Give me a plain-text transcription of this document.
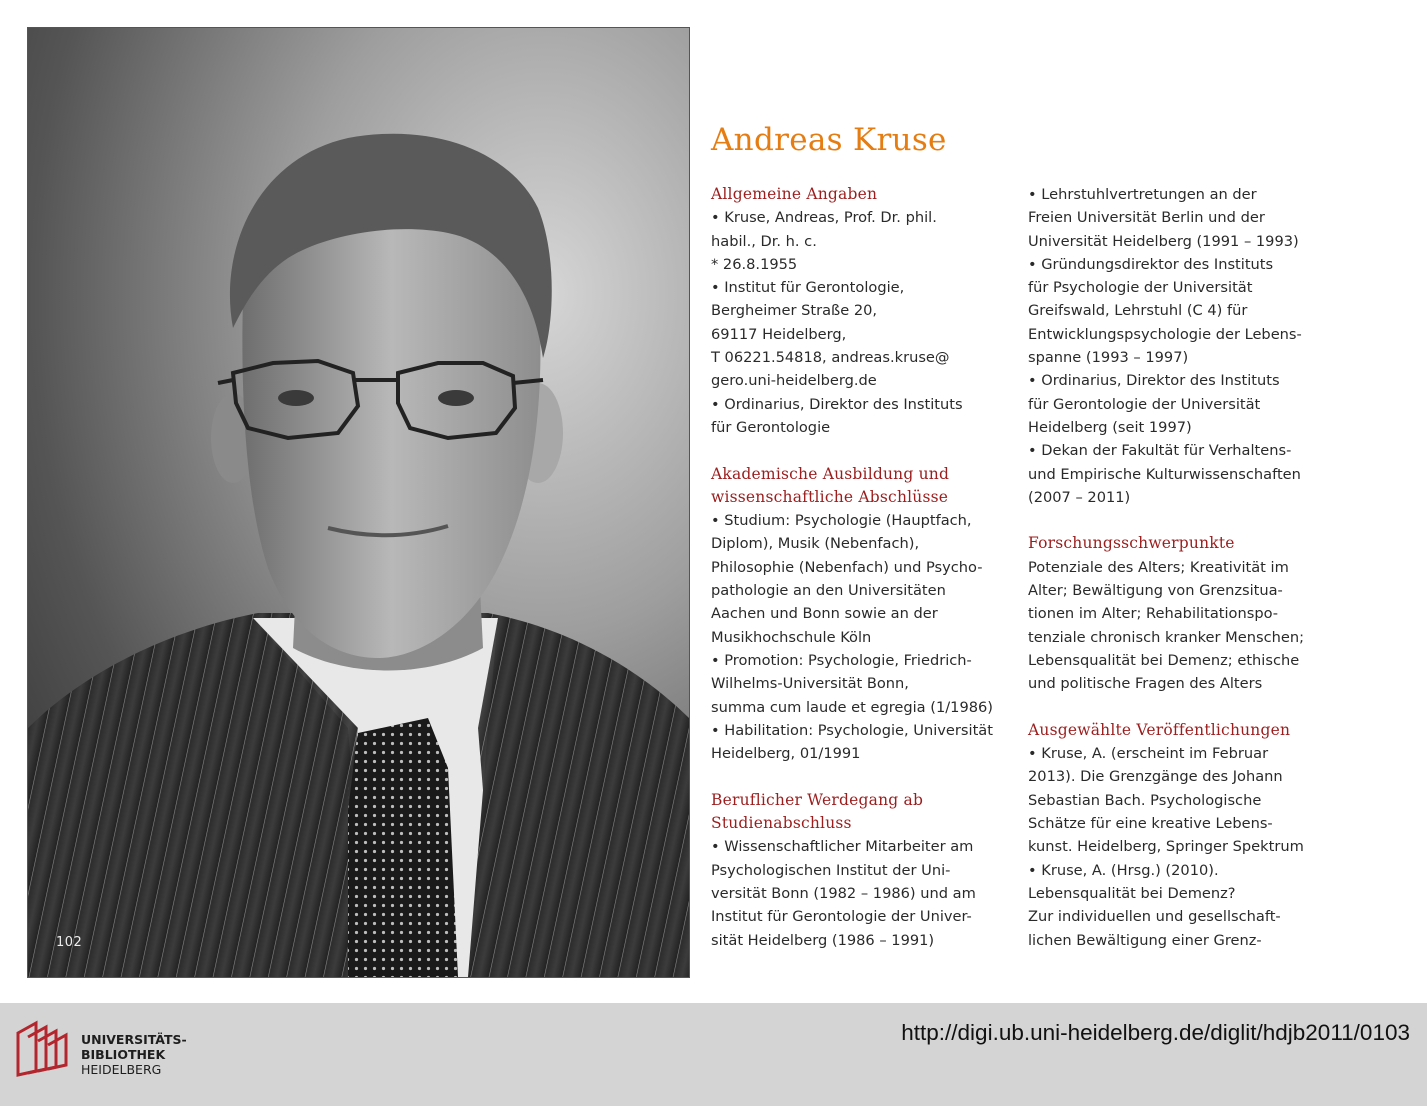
102
Andreas Kruse
Allgemeine Angaben
• Kruse, Andreas, Prof. Dr. phil.
habil., Dr. h. c.
* 26.8.1955
• Institut für Gerontologie,
Bergheimer Straße 20,
69117 Heidelberg,
T 06221.54818, andreas.kruse@
gero.uni-heidelberg.de
• Ordinarius, Direktor des Instituts
für Gerontologie
Akademische Ausbildung und
wissenschaftliche Abschlüsse
• Studium: Psychologie (Hauptfach,
Diplom), Musik (Nebenfach),
Philosophie (Nebenfach) und Psycho-
pathologie an den Universitäten
Aachen und Bonn sowie an der
Musikhochschule Köln
• Promotion: Psychologie, Friedrich-
Wilhelms-Universität Bonn,
summa cum laude et egregia (1/1986)
• Habilitation: Psychologie, Universität
Heidelberg, 01/1991
Beruflicher Werdegang ab
Studienabschluss
• Wissenschaftlicher Mitarbeiter am
Psychologischen Institut der Uni-
versität Bonn (1982 – 1986) und am
Institut für Gerontologie der Univer-
sität Heidelberg (1986 – 1991)
• Lehrstuhlvertretungen an der
Freien Universität Berlin und der
Universität Heidelberg (1991 – 1993)
• Gründungsdirektor des Instituts
für Psychologie der Universität
Greifswald, Lehrstuhl (C 4) für
Entwicklungspsychologie der Lebens-
spanne (1993 – 1997)
• Ordinarius, Direktor des Instituts
für Gerontologie der Universität
Heidelberg (seit 1997)
• Dekan der Fakultät für Verhaltens-
und Empirische Kulturwissenschaften
(2007 – 2011)
Forschungsschwerpunkte
Potenziale des Alters; Kreativität im
Alter; Bewältigung von Grenzsitua-
tionen im Alter; Rehabilitationspo-
tenziale chronisch kranker Menschen;
Lebensqualität bei Demenz; ethische
und politische Fragen des Alters
Ausgewählte Veröffentlichungen
• Kruse, A. (erscheint im Februar
2013). Die Grenzgänge des Johann
Sebastian Bach. Psychologische
Schätze für eine kreative Lebens-
kunst. Heidelberg, Springer Spektrum
• Kruse, A. (Hrsg.) (2010).
Lebensqualität bei Demenz?
Zur individuellen und gesellschaft-
lichen Bewältigung einer Grenz-
UNIVERSITÄTS-
BIBLIOTHEK
HEIDELBERG
http://digi.ub.uni-heidelberg.de/diglit/hdjb2011/0103
